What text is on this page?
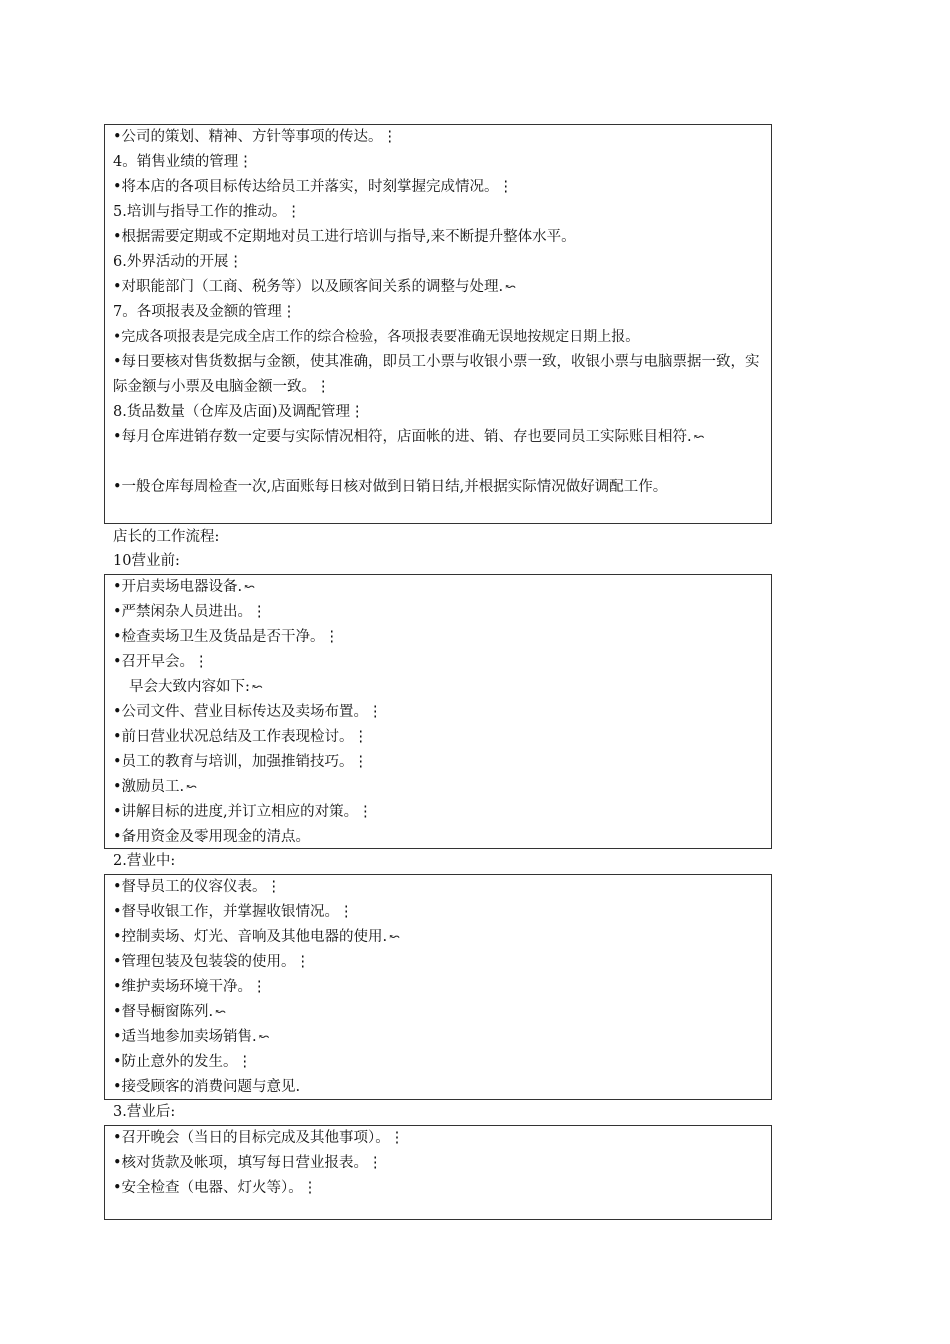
•公司的策划、精神、方针等事项的传达。⋮
4。销售业绩的管理⋮
•将本店的各项目标传达给员工并落实，时刻掌握完成情况。⋮
5.培训与指导工作的推动。⋮
•根据需要定期或不定期地对员工进行培训与指导,来不断提升整体水平。
6.外界活动的开展⋮
•对职能部门（工商、税务等）以及顾客间关系的调整与处理. ↜
7。各项报表及金额的管理⋮
•完成各项报表是完成全店工作的综合检验，各项报表要准确无误地按规定日期上报。
•每日要核对售货数据与金额，使其准确，即员工小票与收银小票一致，收银小票与电脑票据一致，实际金额与小票及电脑金额一致。⋮
8.货品数量（仓库及店面)及调配管理⋮
•每月仓库进销存数一定要与实际情况相符，店面帐的进、销、存也要同员工实际账目相符. ↜
•一般仓库每周检查一次,店面账每日核对做到日销日结,并根据实际情况做好调配工作。
店长的工作流程:
10营业前:
•开启卖场电器设备. ↜
•严禁闲杂人员进出。⋮
•检查卖场卫生及货品是否干净。⋮
•召开早会。⋮
早会大致内容如下: ↜
•公司文件、营业目标传达及卖场布置。⋮
•前日营业状况总结及工作表现检讨。⋮
•员工的教育与培训，加强推销技巧。⋮
•激励员工. ↜
•讲解目标的进度,并订立相应的对策。⋮
•备用资金及零用现金的清点。
2.营业中:
•督导员工的仪容仪表。⋮
•督导收银工作，并掌握收银情况。⋮
•控制卖场、灯光、音响及其他电器的使用. ↜
•管理包装及包装袋的使用。⋮
•维护卖场环境干净。⋮
•督导橱窗陈列. ↜
•适当地参加卖场销售. ↜
•防止意外的发生。⋮
•接受顾客的消费问题与意见.
3.营业后:
•召开晚会（当日的目标完成及其他事项）。⋮
•核对货款及帐项，填写每日营业报表。⋮
•安全检查（电器、灯火等）。⋮
